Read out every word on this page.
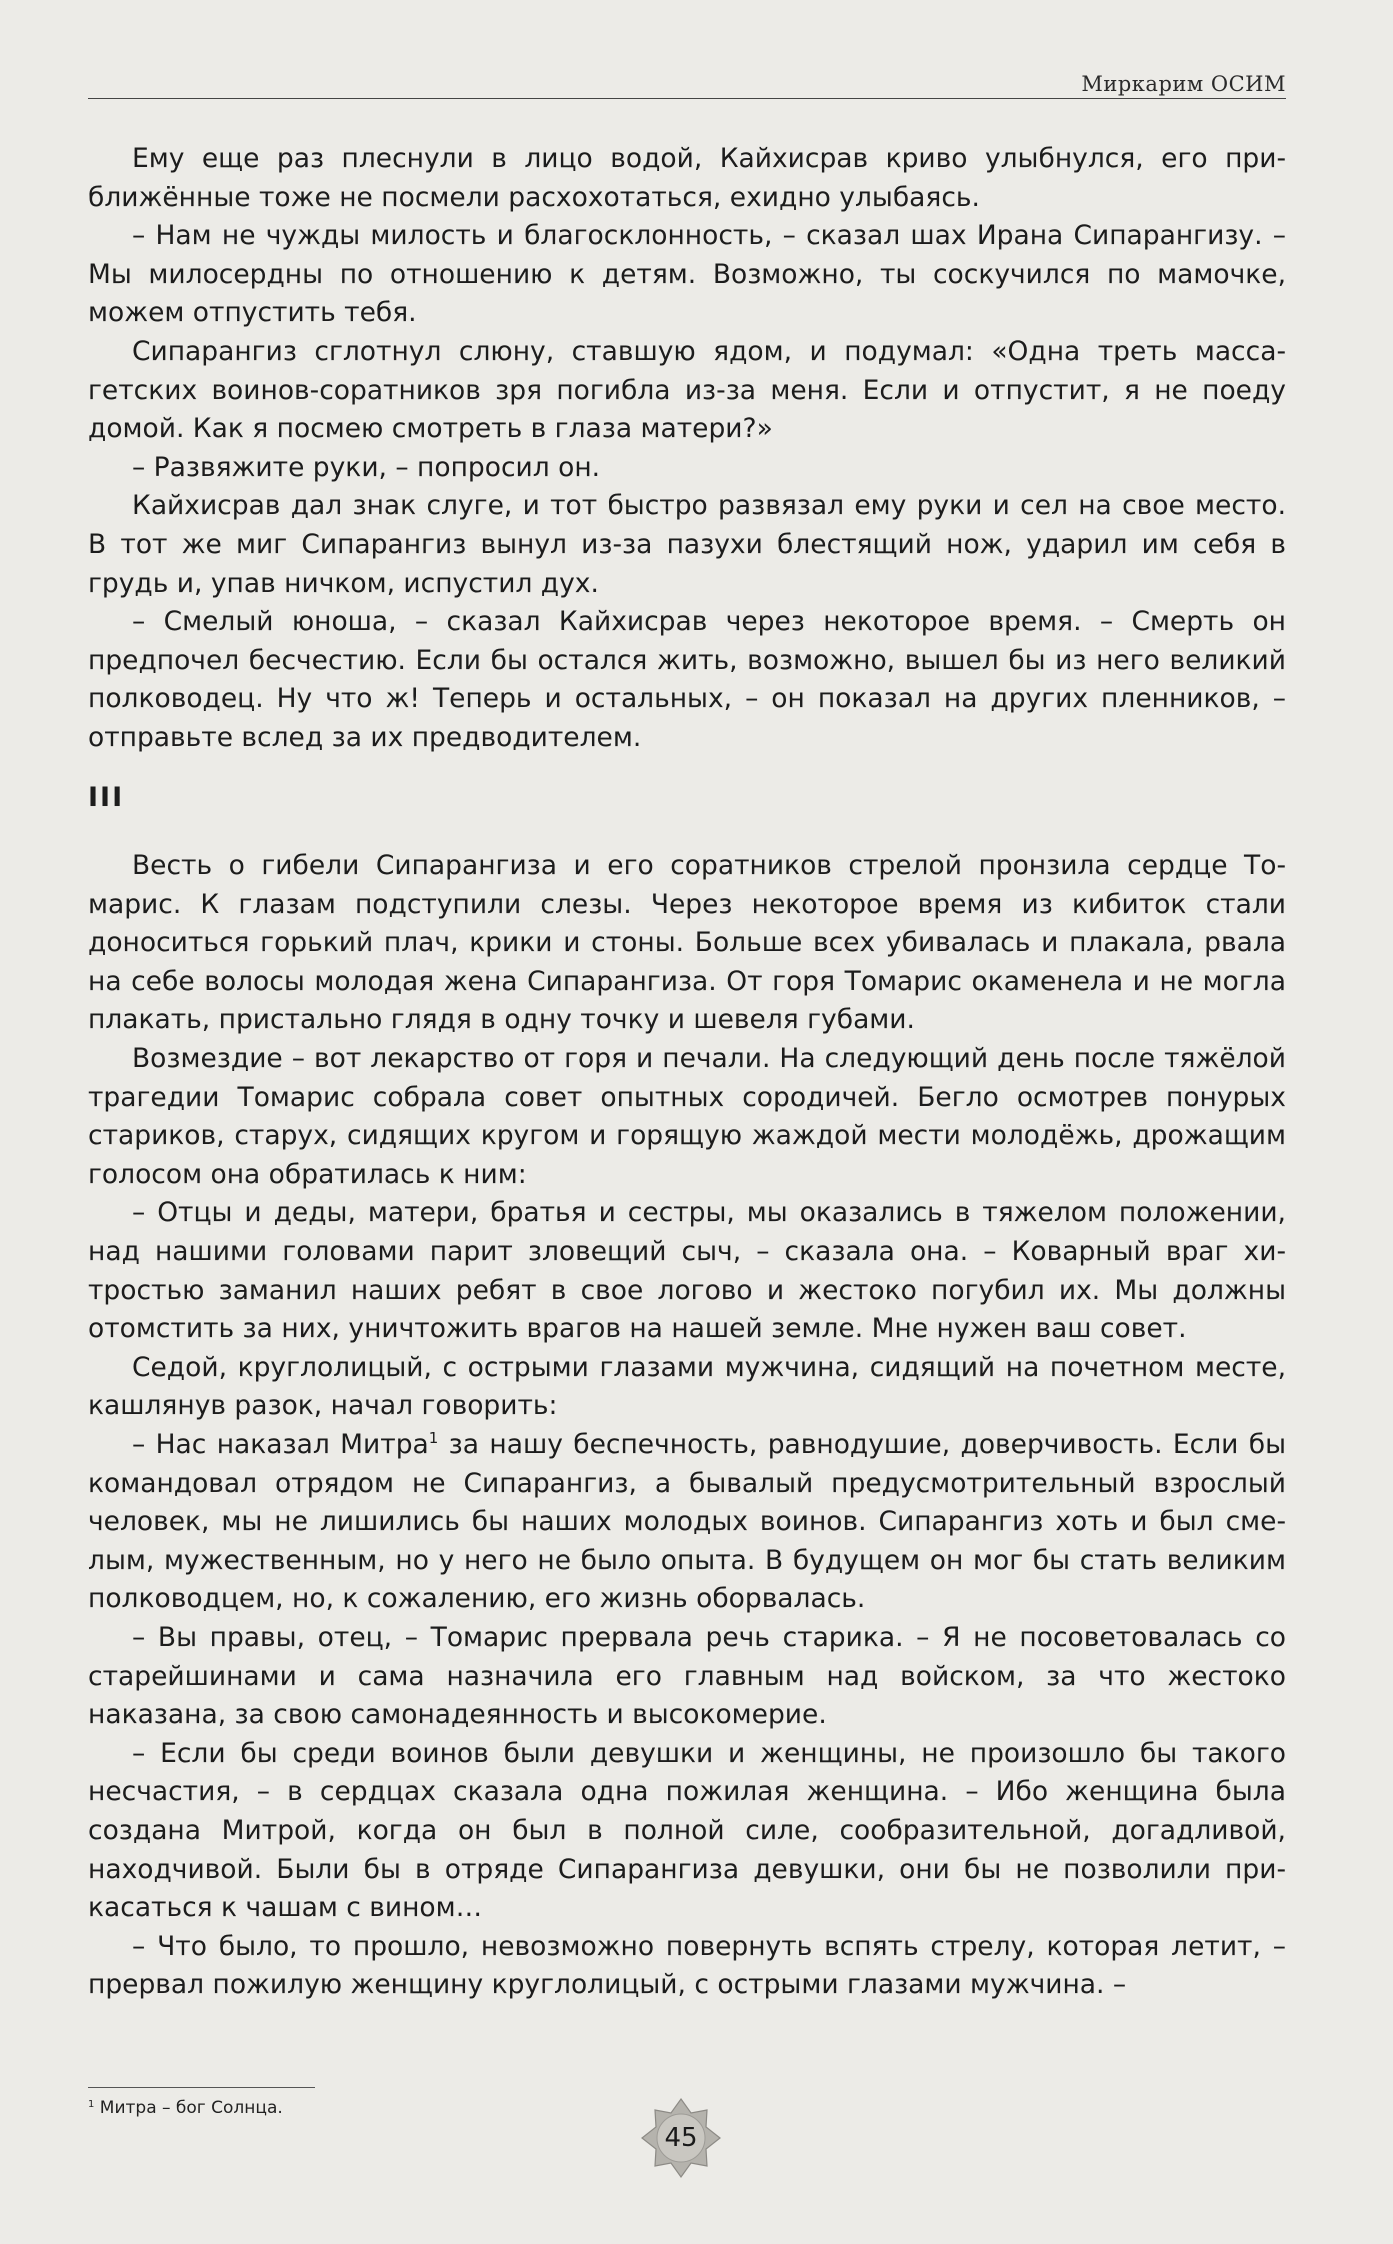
Миркарим ОСИМ

Ему еще раз плеснули в лицо водой, Кайхисрав криво улыбнулся, его приближённые тоже не посмели расхохотаться, ехидно улыбаясь.

– Нам не чужды милость и благосклонность, – сказал шах Ирана Сипарангизу. – Мы милосердны по отношению к детям. Возможно, ты соскучился по мамочке, можем отпустить тебя.

Сипарангиз сглотнул слюну, ставшую ядом, и подумал: «Одна треть массагетских воинов-соратников зря погибла из-за меня. Если и отпустит, я не поеду домой. Как я посмею смотреть в глаза матери?»

– Развяжите руки, – попросил он.

Кайхисрав дал знак слуге, и тот быстро развязал ему руки и сел на свое место. В тот же миг Сипарангиз вынул из-за пазухи блестящий нож, ударил им себя в грудь и, упав ничком, испустил дух.

– Смелый юноша, – сказал Кайхисрав через некоторое время. – Смерть он предпочел бесчестию. Если бы остался жить, возможно, вышел бы из него великий полководец. Ну что ж! Теперь и остальных, – он показал на других пленников, – отправьте вслед за их предводителем.

III

Весть о гибели Сипарангиза и его соратников стрелой пронзила сердце Томарис. К глазам подступили слезы. Через некоторое время из кибиток стали доноситься горький плач, крики и стоны. Больше всех убивалась и плакала, рвала на себе волосы молодая жена Сипарангиза. От горя Томарис окаменела и не могла плакать, пристально глядя в одну точку и шевеля губами.

Возмездие – вот лекарство от горя и печали. На следующий день после тяжёлой трагедии Томарис собрала совет опытных сородичей. Бегло осмотрев понурых стариков, старух, сидящих кругом и горящую жаждой мести молодёжь, дрожащим голосом она обратилась к ним:

– Отцы и деды, матери, братья и сестры, мы оказались в тяжелом положении, над нашими головами парит зловещий сыч, – сказала она. – Коварный враг хитростью заманил наших ребят в свое логово и жестоко погубил их. Мы должны отомстить за них, уничтожить врагов на нашей земле. Мне нужен ваш совет.

Седой, круглолицый, с острыми глазами мужчина, сидящий на почетном месте, кашлянув разок, начал говорить:

– Нас наказал Митра$^1$ за нашу беспечность, равнодушие, доверчивость. Если бы командовал отрядом не Сипарангиз, а бывалый предусмотрительный взрослый человек, мы не лишились бы наших молодых воинов. Сипарангиз хоть и был смелым, мужественным, но у него не было опыта. В будущем он мог бы стать великим полководцем, но, к сожалению, его жизнь оборвалась.

– Вы правы, отец, – Томарис прервала речь старика. – Я не посоветовалась со старейшинами и сама назначила его главным над войском, за что жестоко наказана, за свою самонадеянность и высокомерие.

– Если бы среди воинов были девушки и женщины, не произошло бы такого несчастия, – в сердцах сказала одна пожилая женщина. – Ибо женщина была создана Митрой, когда он был в полной силе, сообразительной, догадливой, находчивой. Были бы в отряде Сипарангиза девушки, они бы не позволили прикасаться к чашам с вином…

– Что было, то прошло, невозможно повернуть вспять стрелу, которая летит, – прервал пожилую женщину круглолицый, с острыми глазами мужчина. –

$^1$ Митра – бог Солнца.
45
